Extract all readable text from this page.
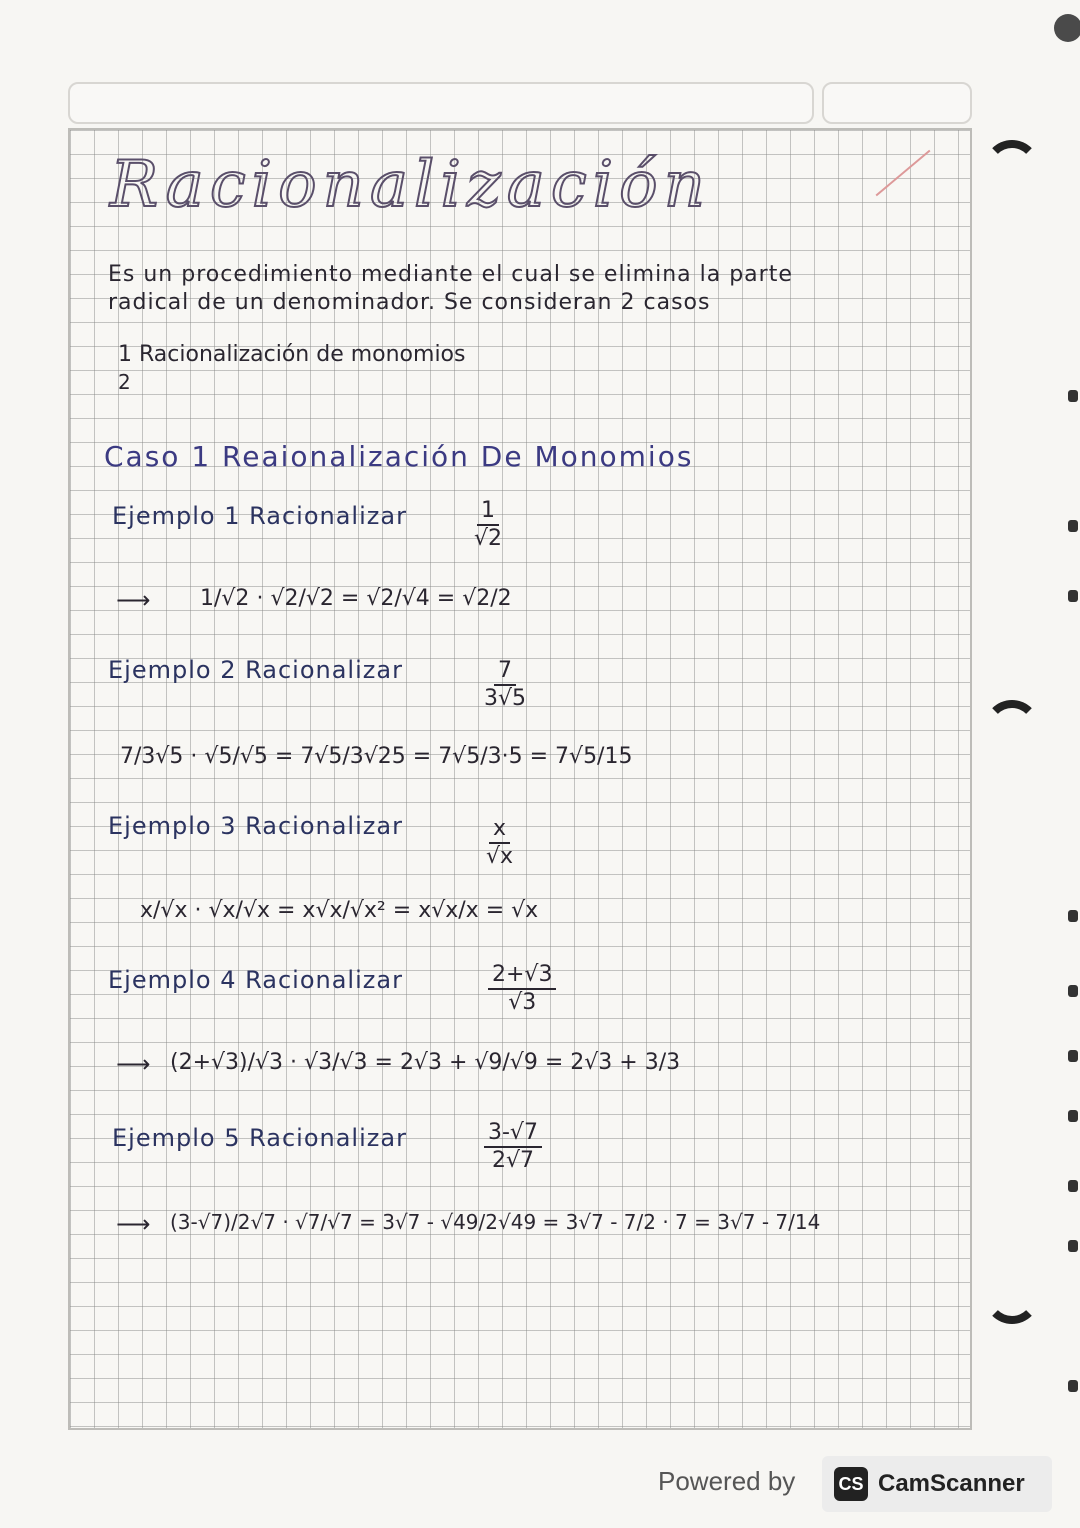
Racionalización
Es un procedimiento mediante el cual se elimina la parte
radical de un denominador. Se consideran 2 casos
1 Racionalización de monomios
2
Caso 1 Reaionalización De Monomios
Ejemplo 1 Racionalizar	$\frac{1}{√2}$
⟶ 1/√2 · √2/√2 = √2/√4 = √2/2
Ejemplo 2 Racionalizar	$\frac{7}{3√5}$
7/3√5 · √5/√5 = 7√5/3√25 = 7√5/3·5 = 7√5/15
Ejemplo 3 Racionalizar	$\frac{x}{√x}$
x/√x · √x/√x = x√x/√x² = x√x/x = √x
Ejemplo 4 Racionalizar	$\frac{2+√3}{√3}$
⟶ (2+√3)/√3 · √3/√3 = 2√3 + √9/√9 = 2√3 + 3/3
Ejemplo 5 Racionalizar	$\frac{3-√7}{2√7}$
⟶ (3-√7)/2√7 · √7/√7 = 3√7 - √49/2√49 = 3√7 - 7/2 · 7 = 3√7 - 7/14
Powered by CS CamScanner
